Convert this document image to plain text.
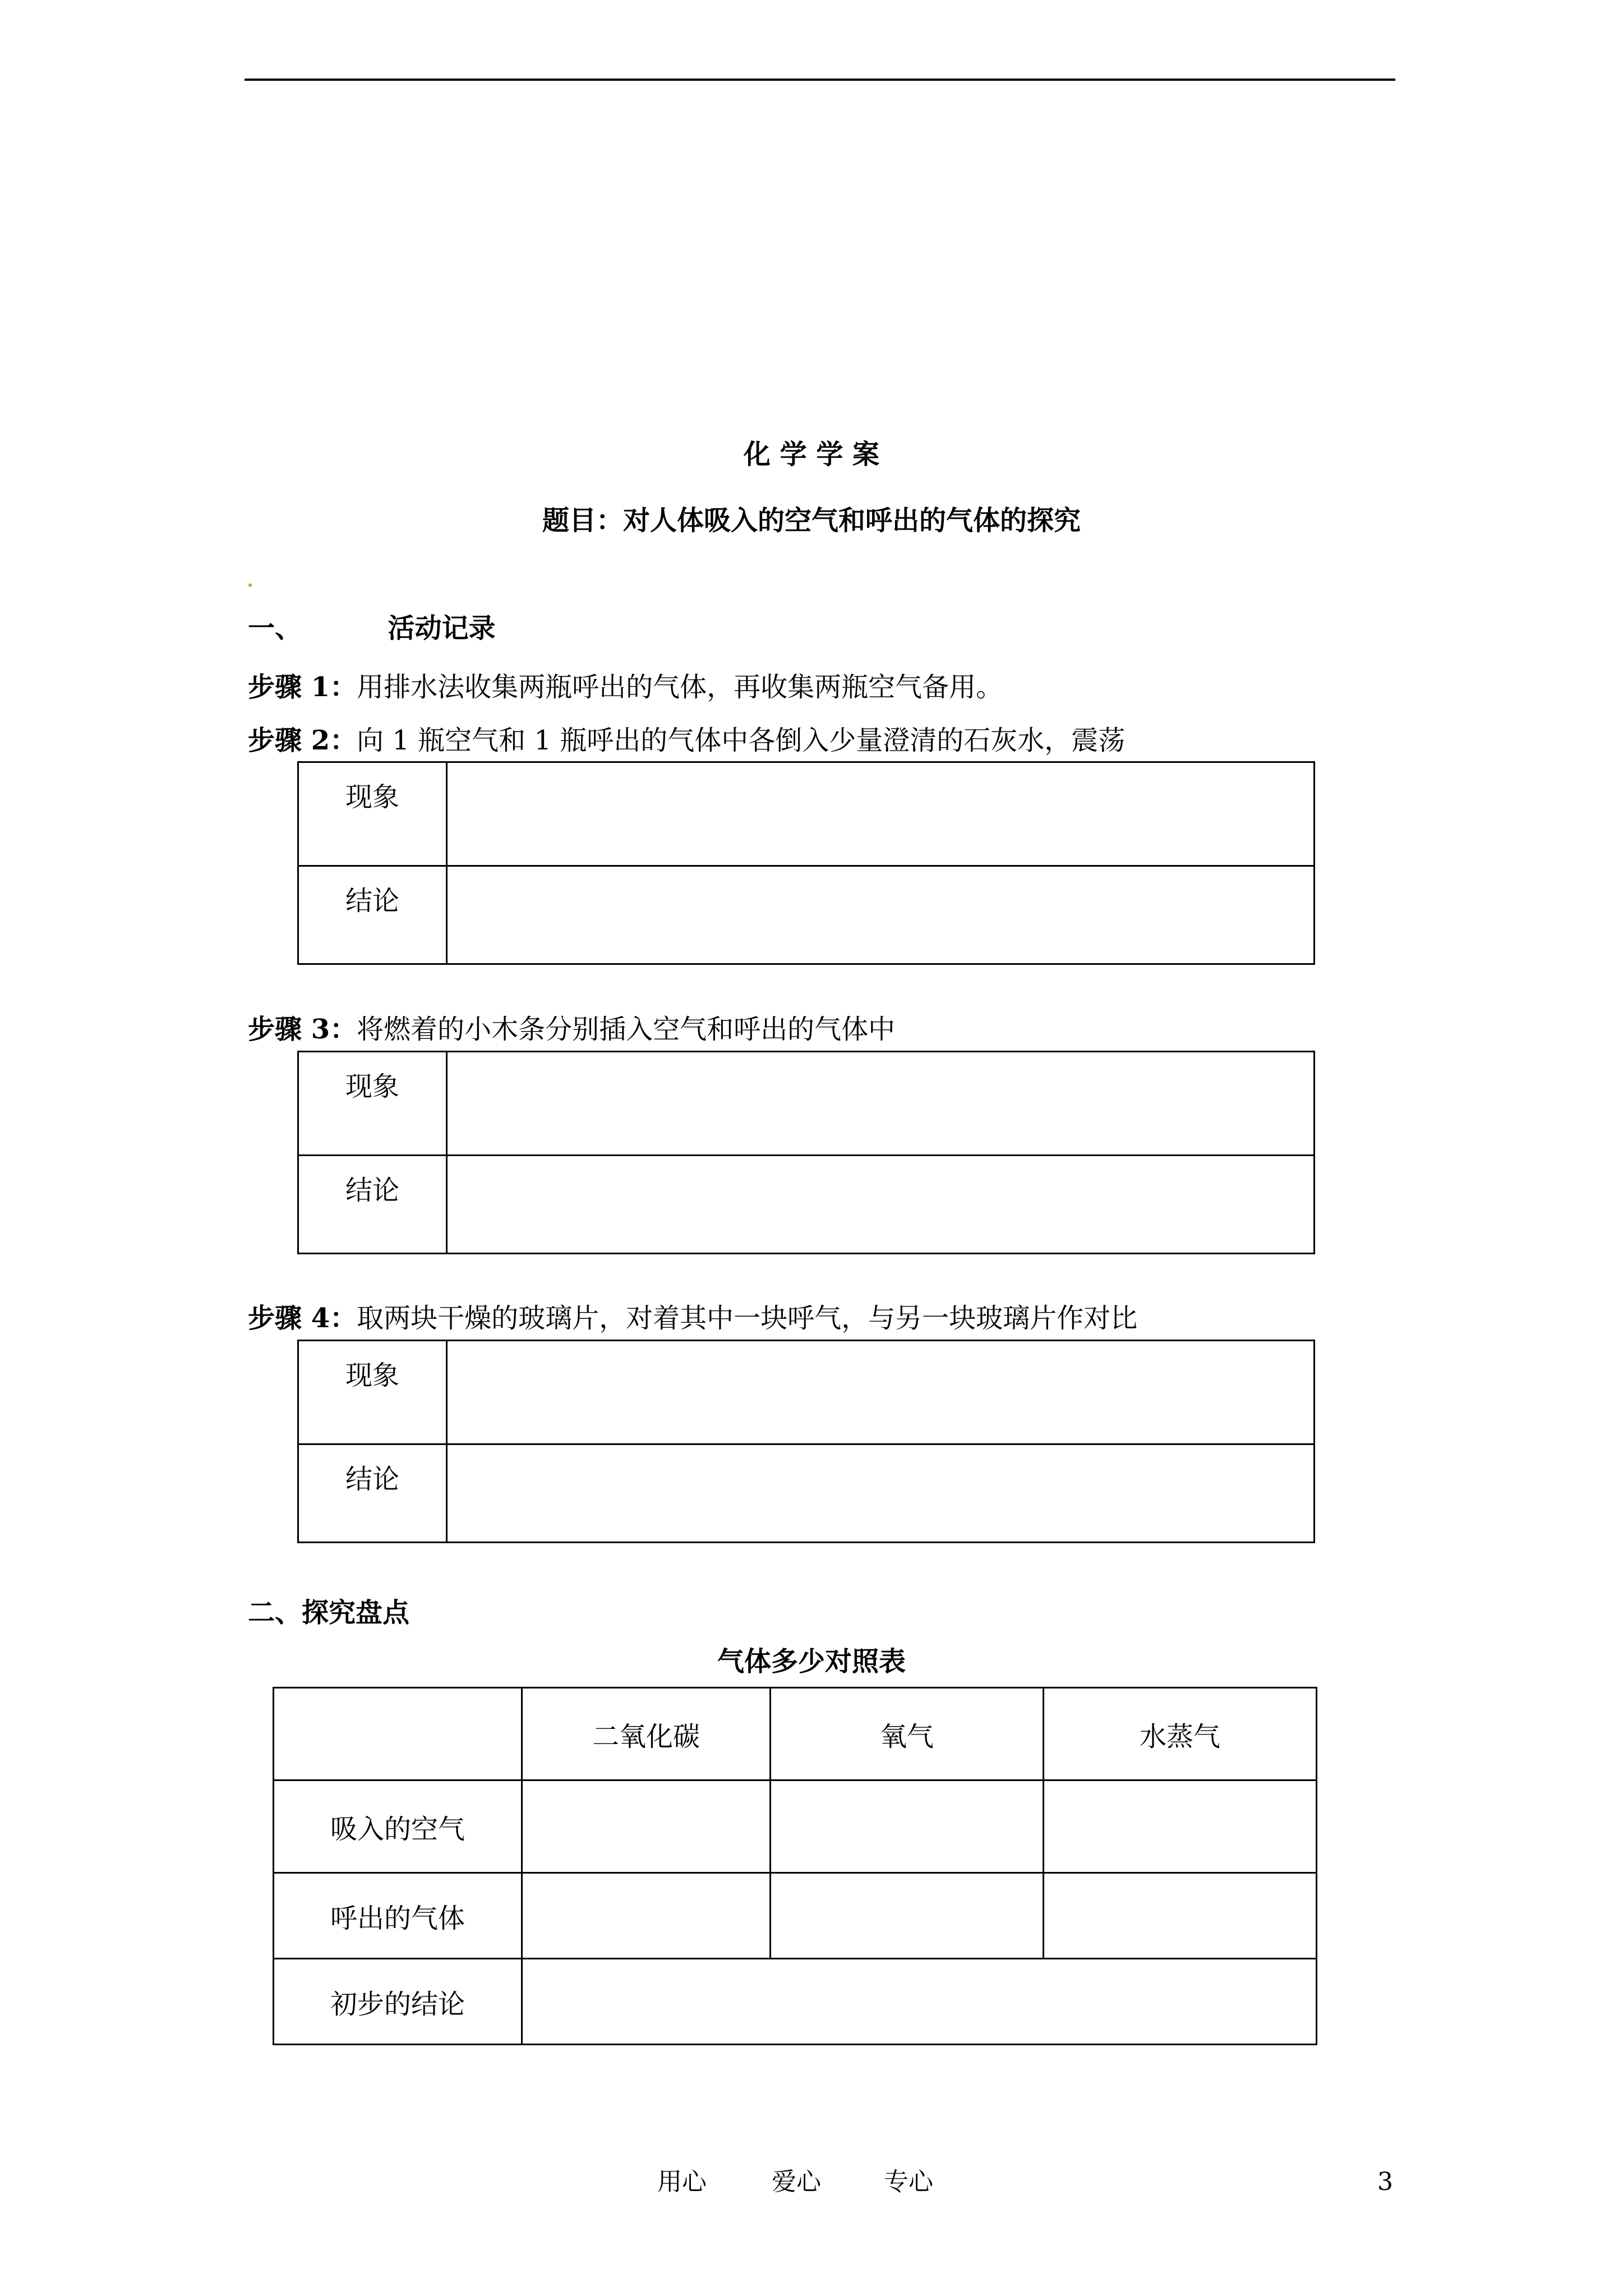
化 学 学 案
题目：对人体吸入的空气和呼出的气体的探究
一、	活动记录
步骤 1：用排水法收集两瓶呼出的气体，再收集两瓶空气备用。
步骤 2：向 1 瓶空气和 1 瓶呼出的气体中各倒入少量澄清的石灰水，震荡
现象	
结论	
步骤 3：将燃着的小木条分别插入空气和呼出的气体中
现象	
结论	
步骤 4：取两块干燥的玻璃片，对着其中一块呼气，与另一块玻璃片作对比
现象	
结论	
二、探究盘点
气体多少对照表
	二氧化碳	氧气	水蒸气
吸入的空气			
呼出的气体			
初步的结论			
用心	爱心	专心	3
